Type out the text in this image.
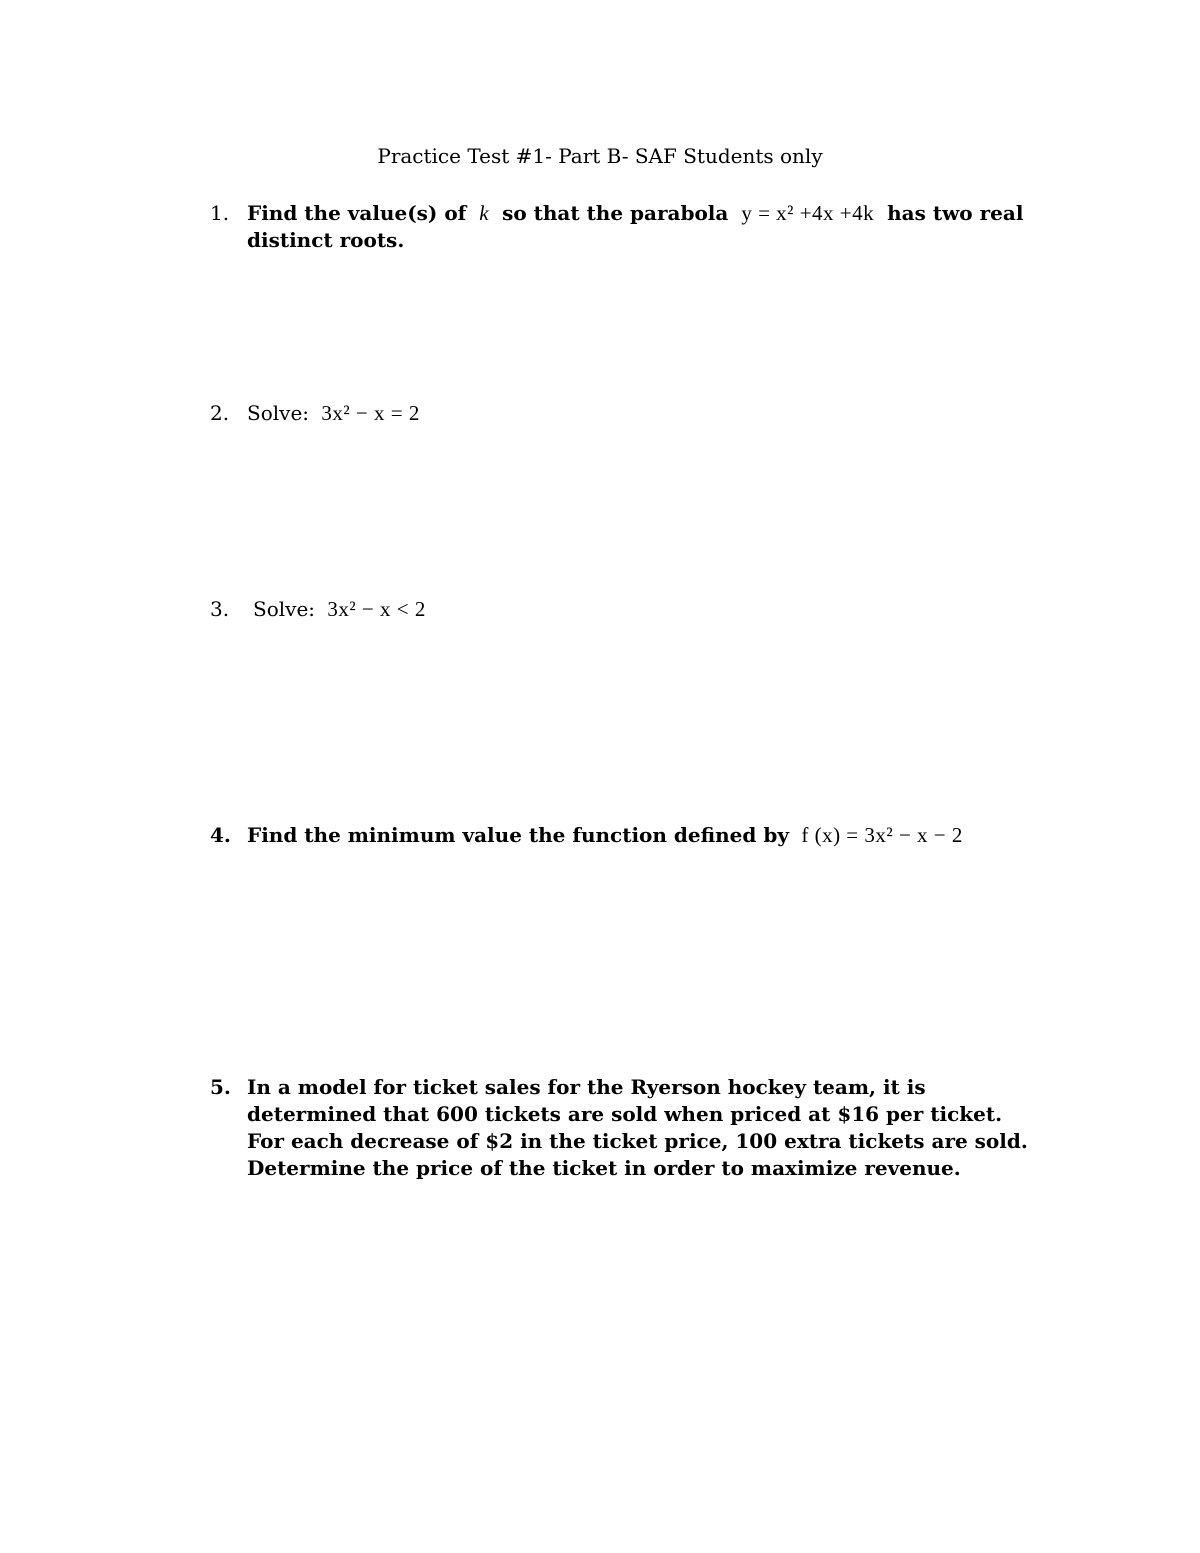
Practice Test #1- Part B- SAF Students only
1. Find the value(s) of k so that the parabola y = x² +4x +4k has two real distinct roots.
2. Solve: 3x² − x = 2
3.	Solve: 3x² − x < 2
4. Find the minimum value the function defined by f (x) = 3x² − x − 2
5. In a model for ticket sales for the Ryerson hockey team, it is determined that 600 tickets are sold when priced at $16 per ticket. For each decrease of $2 in the ticket price, 100 extra tickets are sold. Determine the price of the ticket in order to maximize revenue.
